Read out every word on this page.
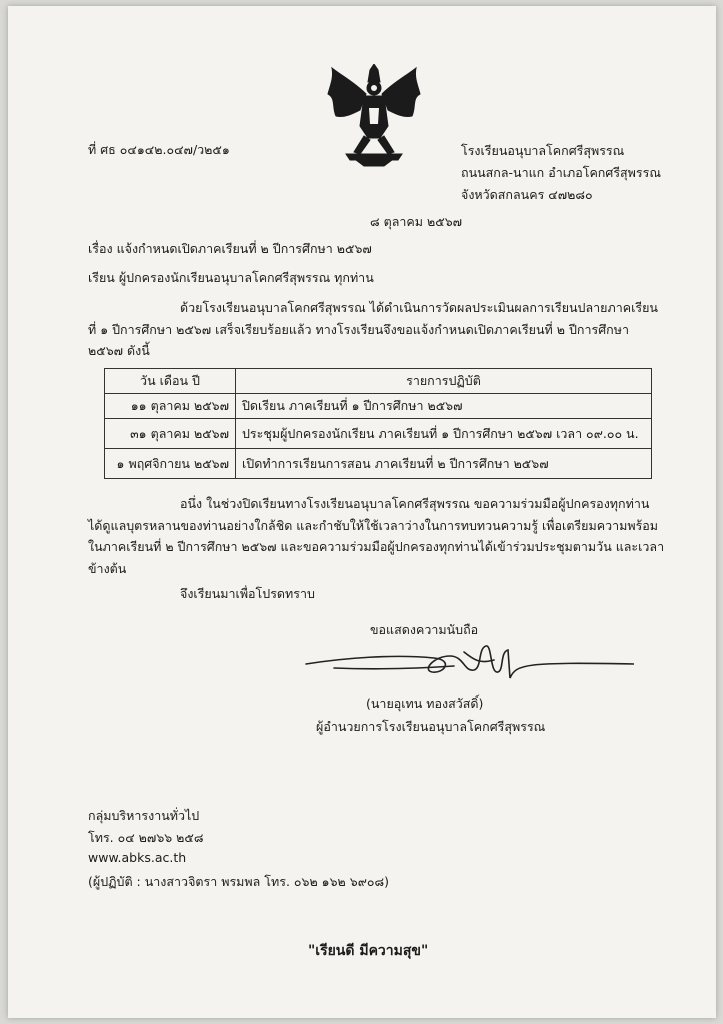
ที่ ศธ ๐๔๑๔๒.๐๔๗/ว๒๕๑	โรงเรียนอนุบาลโคกศรีสุพรรณ
ถนนสกล-นาแก อำเภอโคกศรีสุพรรณ
จังหวัดสกลนคร ๔๗๒๘๐
๘ ตุลาคม ๒๕๖๗
เรื่อง แจ้งกำหนดเปิดภาคเรียนที่ ๒ ปีการศึกษา ๒๕๖๗
เรียน ผู้ปกครองนักเรียนอนุบาลโคกศรีสุพรรณ ทุกท่าน
ด้วยโรงเรียนอนุบาลโคกศรีสุพรรณ ได้ดำเนินการวัดผลประเมินผลการเรียนปลายภาคเรียน
ที่ ๑ ปีการศึกษา ๒๕๖๗ เสร็จเรียบร้อยแล้ว ทางโรงเรียนจึงขอแจ้งกำหนดเปิดภาคเรียนที่ ๒ ปีการศึกษา
๒๕๖๗ ดังนี้
วัน เดือน ปี	รายการปฏิบัติ
๑๑ ตุลาคม ๒๕๖๗	ปิดเรียน ภาคเรียนที่ ๑ ปีการศึกษา ๒๕๖๗
๓๑ ตุลาคม ๒๕๖๗	ประชุมผู้ปกครองนักเรียน ภาคเรียนที่ ๑ ปีการศึกษา ๒๕๖๗ เวลา ๐๙.๐๐ น.
๑ พฤศจิกายน ๒๕๖๗	เปิดทำการเรียนการสอน ภาคเรียนที่ ๒ ปีการศึกษา ๒๕๖๗
อนึ่ง ในช่วงปิดเรียนทางโรงเรียนอนุบาลโคกศรีสุพรรณ ขอความร่วมมือผู้ปกครองทุกท่าน
ได้ดูแลบุตรหลานของท่านอย่างใกล้ชิด และกำชับให้ใช้เวลาว่างในการทบทวนความรู้ เพื่อเตรียมความพร้อม
ในภาคเรียนที่ ๒ ปีการศึกษา ๒๕๖๗ และขอความร่วมมือผู้ปกครองทุกท่านได้เข้าร่วมประชุมตามวัน และเวลา
ข้างต้น
จึงเรียนมาเพื่อโปรดทราบ
ขอแสดงความนับถือ
(นายอุเทน ทองสวัสดิ์)
ผู้อำนวยการโรงเรียนอนุบาลโคกศรีสุพรรณ
กลุ่มบริหารงานทั่วไป
โทร. ๐๔ ๒๗๖๖ ๒๕๘
www.abks.ac.th
(ผู้ปฏิบัติ : นางสาวจิตรา พรมพล โทร. ๐๖๒ ๑๖๒ ๖๙๐๘)
"เรียนดี มีความสุข"
